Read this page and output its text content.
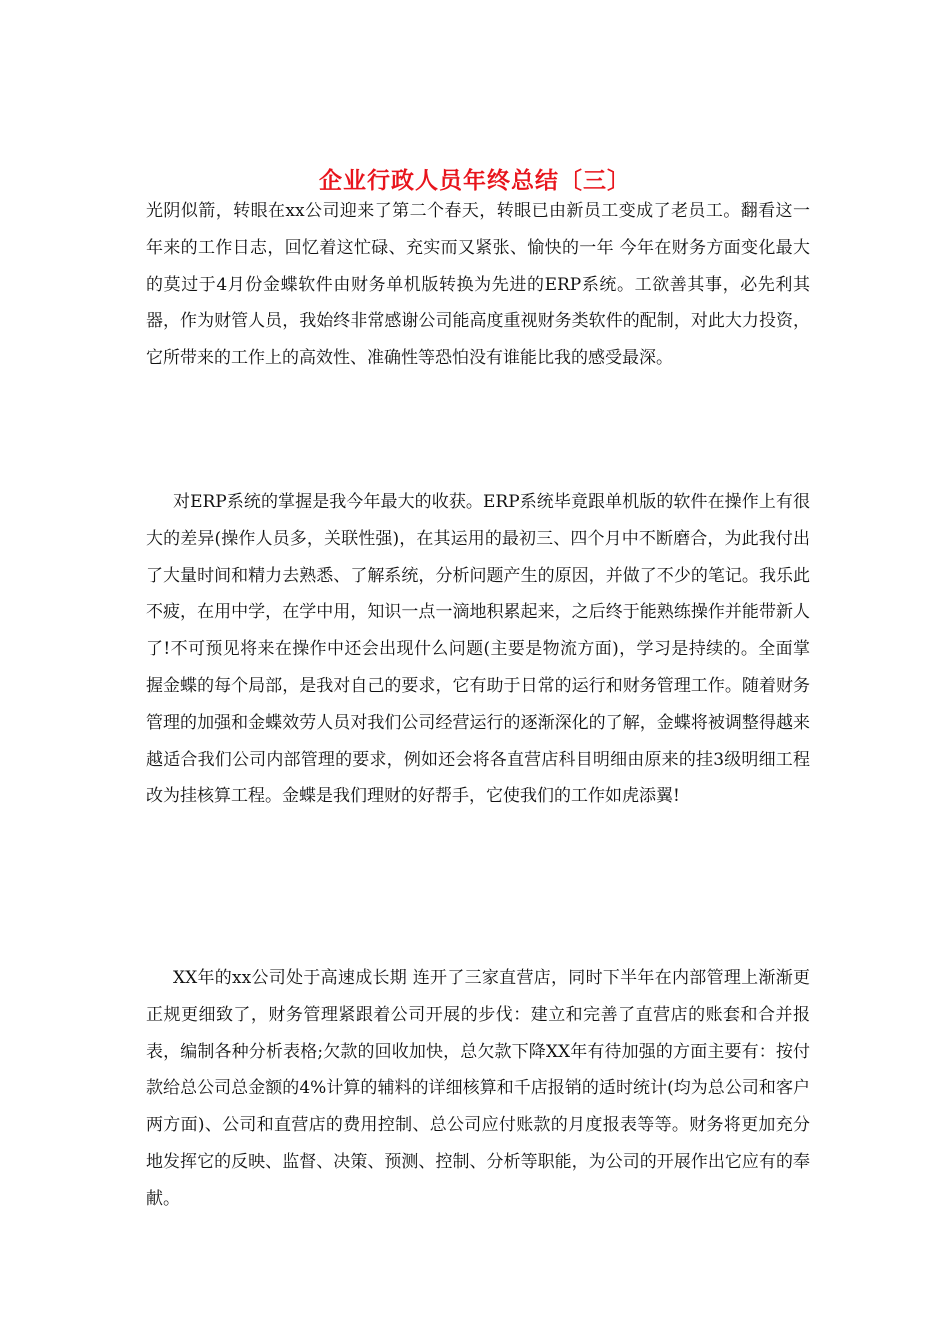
企业行政人员年终总结〔三〕

光阴似箭，转眼在xx公司迎来了第二个春天，转眼已由新员工变成了老员工。翻看这一年来的工作日志，回忆着这忙碌、充实而又紧张、愉快的一年 今年在财务方面变化最大的莫过于4月份金蝶软件由财务单机版转换为先进的ERP系统。工欲善其事，必先利其器，作为财管人员，我始终非常感谢公司能高度重视财务类软件的配制，对此大力投资，它所带来的工作上的高效性、准确性等恐怕没有谁能比我的感受最深。

对ERP系统的掌握是我今年最大的收获。ERP系统毕竟跟单机版的软件在操作上有很大的差异(操作人员多，关联性强)，在其运用的最初三、四个月中不断磨合，为此我付出了大量时间和精力去熟悉、了解系统，分析问题产生的原因，并做了不少的笔记。我乐此不疲，在用中学，在学中用，知识一点一滴地积累起来，之后终于能熟练操作并能带新人了!不可预见将来在操作中还会出现什么问题(主要是物流方面)，学习是持续的。全面掌握金蝶的每个局部，是我对自己的要求，它有助于日常的运行和财务管理工作。随着财务管理的加强和金蝶效劳人员对我们公司经营运行的逐渐深化的了解，金蝶将被调整得越来越适合我们公司内部管理的要求，例如还会将各直营店科目明细由原来的挂3级明细工程改为挂核算工程。金蝶是我们理财的好帮手，它使我们的工作如虎添翼!

XX年的xx公司处于高速成长期 连开了三家直营店，同时下半年在内部管理上渐渐更正规更细致了，财务管理紧跟着公司开展的步伐：建立和完善了直营店的账套和合并报表，编制各种分析表格;欠款的回收加快，总欠款下降XX年有待加强的方面主要有：按付款给总公司总金额的4%计算的辅料的详细核算和千店报销的适时统计(均为总公司和客户两方面)、公司和直营店的费用控制、总公司应付账款的月度报表等等。财务将更加充分地发挥它的反映、监督、决策、预测、控制、分析等职能，为公司的开展作出它应有的奉献。
